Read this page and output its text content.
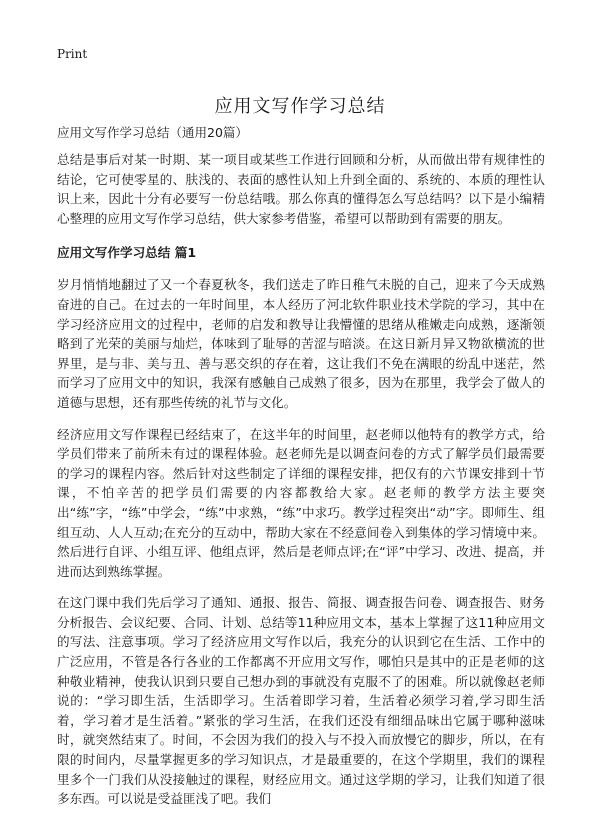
Print
应用文写作学习总结
应用文写作学习总结（通用20篇）

总结是事后对某一时期、某一项目或某些工作进行回顾和分析，从而做出带有规律性的结论，它可使零星的、肤浅的、表面的感性认知上升到全面的、系统的、本质的理性认识上来，因此十分有必要写一份总结哦。那么你真的懂得怎么写总结吗？以下是小编精心整理的应用文写作学习总结，供大家参考借鉴，希望可以帮助到有需要的朋友。

应用文写作学习总结 篇1

岁月悄悄地翻过了又一个春夏秋冬，我们送走了昨日稚气未脱的自己，迎来了今天成熟奋进的自己。在过去的一年时间里，本人经历了河北软件职业技术学院的学习，其中在学习经济应用文的过程中，老师的启发和教导让我懵懂的思绪从稚嫩走向成熟，逐渐领略到了光荣的美丽与灿烂，体味到了耻辱的苦涩与暗淡。在这日新月异又物欲横流的世界里，是与非、美与丑、善与恶交织的存在着，这让我们不免在满眼的纷乱中迷茫，然而学习了应用文中的知识，我深有感触自己成熟了很多，因为在那里，我学会了做人的道德与思想，还有那些传统的礼节与文化。

经济应用文写作课程已经结束了，在这半年的时间里，赵老师以他特有的教学方式，给学员们带来了前所未有过的课程体验。赵老师先是以调查问卷的方式了解学员们最需要的学习的课程内容。然后针对这些制定了详细的课程安排，把仅有的六节课安排到十节课，不怕辛苦的把学员们需要的内容都教给大家。赵老师的教学方法主要突出“练”字，“练”中学会，“练”中求熟，“练”中求巧。教学过程突出“动”字。即师生、组组互动、人人互动;在充分的互动中，帮助大家在不经意间卷入到集体的学习情境中来。然后进行自评、小组互评、他组点评，然后是老师点评;在“评”中学习、改进、提高，并进而达到熟练掌握。

在这门课中我们先后学习了通知、通报、报告、简报、调查报告问卷、调查报告、财务分析报告、会议纪要、合同、计划、总结等11种应用文本，基本上掌握了这11种应用文的写法、注意事项。学习了经济应用文写作以后，我充分的认识到它在生活、工作中的广泛应用，不管是各行各业的工作都离不开应用文写作，哪怕只是其中的正是老师的这种敬业精神，使我认识到只要自己想办到的事就没有克服不了的困难。所以就像赵老师说的：“学习即生活，生活即学习。生活着即学习着，生活着必须学习着,学习即生活着，学习着才是生活着。”紧张的学习生活，在我们还没有细细品味出它属于哪种滋味时，就突然结束了。时间，不会因为我们的投入与不投入而放慢它的脚步，所以，在有限的时间内，尽量掌握更多的学习知识点，才是最重要的，在这个学期里，我们的课程里多个一门我们从没接触过的课程，财经应用文。通过这学期的学习，让我们知道了很多东西。可以说是受益匪浅了吧。我们
